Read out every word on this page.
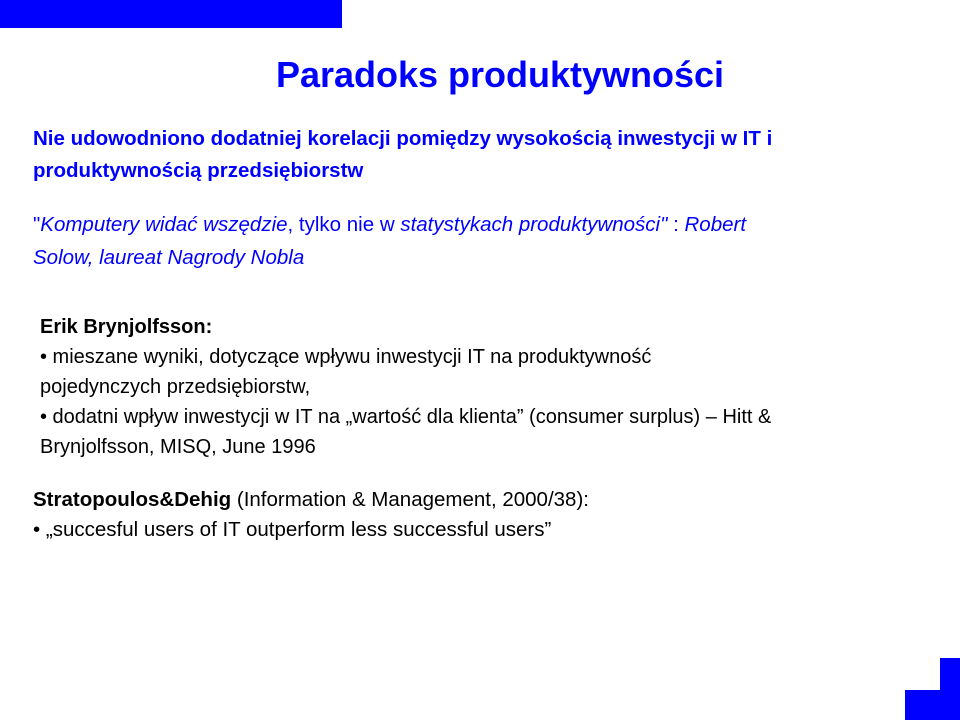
Paradoks produktywności
Nie udowodniono dodatniej korelacji pomiędzy wysokością inwestycji w IT i
produktywnością przedsiębiorstw
"Komputery widać wszędzie, tylko nie w statystykach produktywności" : Robert
Solow, laureat Nagrody Nobla
Erik Brynjolfsson:
• mieszane wyniki, dotyczące wpływu inwestycji IT na produktywność
pojedynczych przedsiębiorstw,
• dodatni wpływ inwestycji w IT na „wartość dla klienta” (consumer surplus) – Hitt &
Brynjolfsson, MISQ, June 1996
Stratopoulos&Dehig (Information & Management, 2000/38):
• „succesful users of IT outperform less successful users”
